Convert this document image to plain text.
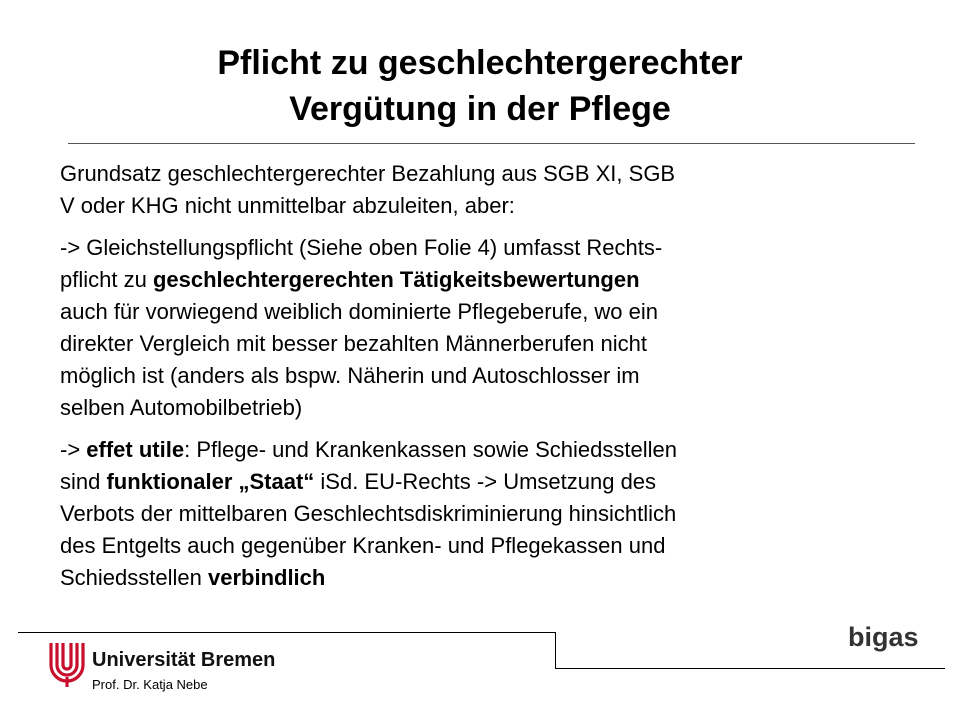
Pflicht zu geschlechtergerechter
Vergütung in der Pflege
Grundsatz geschlechtergerechter Bezahlung aus SGB XI, SGB
V oder KHG nicht unmittelbar abzuleiten, aber:
-> Gleichstellungspflicht (Siehe oben Folie 4) umfasst Rechts-
pflicht zu geschlechtergerechten Tätigkeitsbewertungen
auch für vorwiegend weiblich dominierte Pflegeberufe, wo ein
direkter Vergleich mit besser bezahlten Männerberufen nicht
möglich ist (anders als bspw. Näherin und Autoschlosser im
selben Automobilbetrieb)
-> effet utile: Pflege- und Krankenkassen sowie Schiedsstellen
sind funktionaler „Staat“ iSd. EU-Rechts -> Umsetzung des
Verbots der mittelbaren Geschlechtsdiskriminierung hinsichtlich
des Entgelts auch gegenüber Kranken- und Pflegekassen und
Schiedsstellen verbindlich
Universität Bremen
Prof. Dr. Katja Nebe
bigas
